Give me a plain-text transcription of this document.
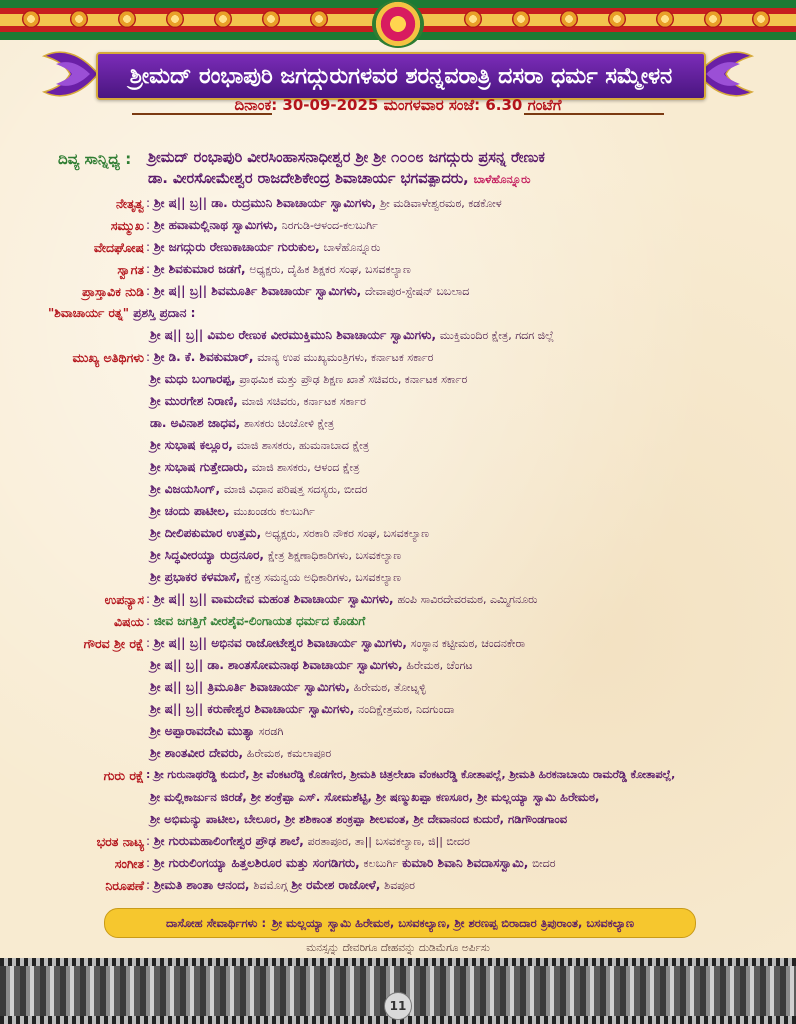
ಶ್ರೀಮದ್ ರಂಭಾಪುರಿ ಜಗದ್ಗುರುಗಳವರ ಶರನ್ನವರಾತ್ರಿ ದಸರಾ ಧರ್ಮ ಸಮ್ಮೇಳನ
ದಿನಾಂಕ: 30-09-2025 ಮಂಗಳವಾರ ಸಂಜೆ: 6.30 ಗಂಟೆಗೆ
ದಿವ್ಯ ಸಾನ್ನಿಧ್ಯ : ಶ್ರೀಮದ್ ರಂಭಾಪುರಿ ವೀರಸಿಂಹಾಸನಾಧೀಶ್ವರ ಶ್ರೀ ಶ್ರೀ ೧೦೦೮ ಜಗದ್ಗುರು ಪ್ರಸನ್ನ ರೇಣುಕ
ಡಾ. ವೀರಸೋಮೇಶ್ವರ ರಾಜದೇಶಿಕೇಂದ್ರ ಶಿವಾಚಾರ್ಯ ಭಗವತ್ಪಾದರು, ಬಾಳೆಹೊನ್ನೂರು
ನೇತೃತ್ವ : ಶ್ರೀ ಷ|| ಬ್ರ|| ಡಾ. ರುದ್ರಮುನಿ ಶಿವಾಚಾರ್ಯ ಸ್ವಾಮಿಗಳು, ಶ್ರೀ ಮಡಿವಾಳೇಶ್ವರಮಠ, ಕಡಕೋಳ
ಸಮ್ಮುಖ : ಶ್ರೀ ಹವಾಮಲ್ಲಿನಾಥ ಸ್ವಾಮಿಗಳು, ನಿರಗುಡಿ-ಆಳಂದ-ಕಲಬುರ್ಗಿ
ವೇದಘೋಷ : ಶ್ರೀ ಜಗದ್ಗುರು ರೇಣುಕಾಚಾರ್ಯ ಗುರುಕುಲ, ಬಾಳೆಹೊನ್ನೂರು
ಸ್ವಾಗತ : ಶ್ರೀ ಶಿವಕುಮಾರ ಜಡಗೆ, ಅಧ್ಯಕ್ಷರು, ದೈಹಿಕ ಶಿಕ್ಷಕರ ಸಂಘ, ಬಸವಕಲ್ಯಾಣ
ಪ್ರಾಸ್ತಾವಿಕ ನುಡಿ : ಶ್ರೀ ಷ|| ಬ್ರ|| ಶಿವಮೂರ್ತಿ ಶಿವಾಚಾರ್ಯ ಸ್ವಾಮಿಗಳು, ದೇವಾಪುರ-ಸ್ಟೇಷನ್ ಬಬಲಾದ
"ಶಿವಾಚಾರ್ಯ ರತ್ನ" ಪ್ರಶಸ್ತಿ ಪ್ರದಾನ :
ಶ್ರೀ ಷ|| ಬ್ರ|| ವಿಮಲ ರೇಣುಕ ವೀರಮುಕ್ತಿಮುನಿ ಶಿವಾಚಾರ್ಯ ಸ್ವಾಮಿಗಳು, ಮುಕ್ತಿಮಂದಿರ ಕ್ಷೇತ್ರ, ಗದಗ ಜಿಲ್ಲೆ
ಮುಖ್ಯ ಅತಿಥಿಗಳು : ಶ್ರೀ ಡಿ. ಕೆ. ಶಿವಕುಮಾರ್, ಮಾನ್ಯ ಉಪ ಮುಖ್ಯಮಂತ್ರಿಗಳು, ಕರ್ನಾಟಕ ಸರ್ಕಾರ
ಶ್ರೀ ಮಧು ಬಂಗಾರಪ್ಪ, ಪ್ರಾಥಮಿಕ ಮತ್ತು ಪ್ರೌಢ ಶಿಕ್ಷಣ ಖಾತೆ ಸಚಿವರು, ಕರ್ನಾಟಕ ಸರ್ಕಾರ
ಶ್ರೀ ಮುರಗೇಶ ನಿರಾಣಿ, ಮಾಜಿ ಸಚಿವರು, ಕರ್ನಾಟಕ ಸರ್ಕಾರ
ಡಾ. ಅವಿನಾಶ ಜಾಧವ, ಶಾಸಕರು ಚಿಂಚೋಳಿ ಕ್ಷೇತ್ರ
ಶ್ರೀ ಸುಭಾಷ ಕಲ್ಲೂರ, ಮಾಜಿ ಶಾಸಕರು, ಹುಮನಾಬಾದ ಕ್ಷೇತ್ರ
ಶ್ರೀ ಸುಭಾಷ ಗುತ್ತೇದಾರು, ಮಾಜಿ ಶಾಸಕರು, ಆಳಂದ ಕ್ಷೇತ್ರ
ಶ್ರೀ ವಿಜಯಸಿಂಗ್, ಮಾಜಿ ವಿಧಾನ ಪರಿಷತ್ತ ಸದಸ್ಯರು, ಬೀದರ
ಶ್ರೀ ಚಂದು ಪಾಟೀಲ, ಮುಖಂಡರು ಕಲಬುರ್ಗಿ
ಶ್ರೀ ದೀಲಿಪಕುಮಾರ ಉತ್ತಮ, ಅಧ್ಯಕ್ಷರು, ಸರಕಾರಿ ನೌಕರ ಸಂಘ, ಬಸವಕಲ್ಯಾಣ
ಶ್ರೀ ಸಿದ್ಧವೀರಯ್ಯಾ ರುದ್ರನೂರ, ಕ್ಷೇತ್ರ ಶಿಕ್ಷಣಾಧಿಕಾರಿಗಳು, ಬಸವಕಲ್ಯಾಣ
ಶ್ರೀ ಪ್ರಭಾಕರ ಕಳಮಾಸೆ, ಕ್ಷೇತ್ರ ಸಮನ್ವಯ ಅಧಿಕಾರಿಗಳು, ಬಸವಕಲ್ಯಾಣ
ಉಪನ್ಯಾಸ : ಶ್ರೀ ಷ|| ಬ್ರ|| ವಾಮದೇವ ಮಹಂತ ಶಿವಾಚಾರ್ಯ ಸ್ವಾಮಿಗಳು, ಹಂಪಿ ಸಾವಿರದೇವರಮಠ, ಎಮ್ಮಿಗನೂರು
ವಿಷಯ : ಜೀವ ಜಗತ್ತಿಗೆ ವೀರಶೈವ-ಲಿಂಗಾಯತ ಧರ್ಮದ ಕೊಡುಗೆ
ಗೌರವ ಶ್ರೀ ರಕ್ಷೆ : ಶ್ರೀ ಷ|| ಬ್ರ|| ಅಭಿನವ ರಾಜೋಟೇಶ್ವರ ಶಿವಾಚಾರ್ಯ ಸ್ವಾಮಿಗಳು, ಸಂಸ್ಥಾನ ಕಟ್ಟೀಮಠ, ಚಂದನಕೇರಾ
ಶ್ರೀ ಷ|| ಬ್ರ|| ಡಾ. ಶಾಂತಸೋಮನಾಥ ಶಿವಾಚಾರ್ಯ ಸ್ವಾಮಿಗಳು, ಹಿರೇಮಠ, ಚೆಂಗಟ
ಶ್ರೀ ಷ|| ಬ್ರ|| ತ್ರಿಮೂರ್ತಿ ಶಿವಾಚಾರ್ಯ ಸ್ವಾಮಿಗಳು, ಹಿರೇಮಠ, ತೋಟ್ನಳ್ಳಿ
ಶ್ರೀ ಷ|| ಬ್ರ|| ಕರುಣೇಶ್ವರ ಶಿವಾಚಾರ್ಯ ಸ್ವಾಮಿಗಳು, ನಂದಿಕ್ಷೇತ್ರಮಠ, ನಿದಗುಂದಾ
ಶ್ರೀ ಅಪ್ಪಾರಾವದೇವಿ ಮುತ್ಯಾ ಸರಡಗಿ
ಶ್ರೀ ಶಾಂತವೀರ ದೇವರು, ಹಿರೇಮಠ, ಕಮಲಾಪೂರ
ಗುರು ರಕ್ಷೆ : ಶ್ರೀ ಗುರುನಾಥರೆಡ್ಡಿ ಕುದುರೆ, ಶ್ರೀ ವೆಂಕಟರೆಡ್ಡಿ ಕೊಡಗೇರ, ಶ್ರೀಮತಿ ಚಿತ್ರಲೇಖಾ ವೆಂಕಟರೆಡ್ಡಿ ಕೋತಾಪಲ್ಲೆ, ಶ್ರೀಮತಿ ಹಿರಕನಾಬಾಯಿ ರಾಮರೆಡ್ಡಿ ಕೋತಾಪಲ್ಲೆ,
ಶ್ರೀ ಮಲ್ಲಿಕಾರ್ಜುನ ಜಿರಡೆ, ಶ್ರೀ ಶಂಕ್ರೆಪ್ಪಾ ಎಸ್. ಸೋಮಶೆಟ್ಟಿ, ಶ್ರೀ ಷಣ್ಮುಖಪ್ಪಾ ಕಣಸೂರ, ಶ್ರೀ ಮಲ್ಲಯ್ಯಾ ಸ್ವಾಮಿ ಹಿರೇಮಠ,
ಶ್ರೀ ಅಭಿಮನ್ಯು ಪಾಟೀಲ, ಬೇಲೂರ, ಶ್ರೀ ಶಶಿಕಾಂತ ಶಂಕ್ರಪ್ಪಾ ಶೀಲವಂತ, ಶ್ರೀ ದೇವಾನಂದ ಕುದುರೆ, ಗಡಿಗೌಂಡಗಾಂವ
ಭರತ ನಾಟ್ಯ : ಶ್ರೀ ಗುರುಮಹಾಲಿಂಗೇಶ್ವರ ಪ್ರೌಢ ಶಾಲೆ, ಪರತಾಪೂರ, ತಾ|| ಬಸವಕಲ್ಯಾಣ, ಜಿ|| ಬೀದರ
ಸಂಗೀತ : ಶ್ರೀ ಗುರುಲಿಂಗಯ್ಯಾ ಹಿತ್ತಲಶಿರೂರ ಮತ್ತು ಸಂಗಡಿಗರು, ಕಲಬುರ್ಗಿ ಕುಮಾರಿ ಶಿವಾನಿ ಶಿವದಾಸಸ್ವಾಮಿ, ಬೀದರ
ನಿರೂಪಣೆ : ಶ್ರೀಮತಿ ಶಾಂತಾ ಆನಂದ, ಶಿವಮೊಗ್ಗ ಶ್ರೀ ರಮೇಶ ರಾಜೋಳೆ, ಶಿವಪೂರ
ದಾಸೋಹ ಸೇವಾರ್ಥಿಗಳು : ಶ್ರೀ ಮಲ್ಲಯ್ಯಾ ಸ್ವಾಮಿ ಹಿರೇಮಠ, ಬಸವಕಲ್ಯಾಣ, ಶ್ರೀ ಶರಣಪ್ಪ ಬಿರಾದಾರ ತ್ರಿಪುರಾಂತ, ಬಸವಕಲ್ಯಾಣ
ಮನಸ್ಸನ್ನು ದೇವರಿಗೂ ದೇಹವನ್ನು ದುಡಿಮೆಗೂ ಅರ್ಪಿಸು
11
